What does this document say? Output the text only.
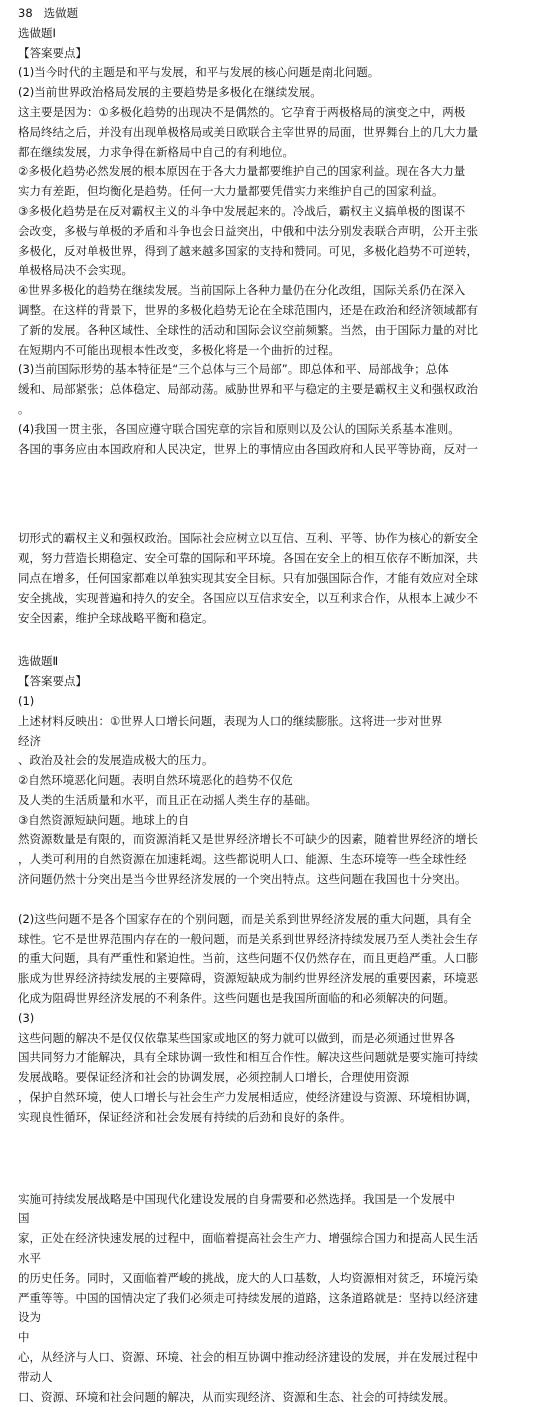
38 选做题
选做题Ⅰ
【答案要点】
(1)当今时代的主题是和平与发展，和平与发展的核心问题是南北问题。
(2)当前世界政治格局发展的主要趋势是多极化在继续发展。
这主要是因为：①多极化趋势的出现决不是偶然的。它孕育于两极格局的演变之中，两极
格局终结之后，并没有出现单极格局或美日欧联合主宰世界的局面，世界舞台上的几大力量
都在继续发展，力求争得在新格局中自己的有利地位。
②多极化趋势必然发展的根本原因在于各大力量都要维护自己的国家利益。现在各大力量
实力有差距，但均衡化是趋势。任何一大力量都要凭借实力来维护自己的国家利益。
③多极化趋势是在反对霸权主义的斗争中发展起来的。冷战后，霸权主义搞单极的图谋不
会改变，多极与单极的矛盾和斗争也会日益突出，中俄和中法分别发表联合声明，公开主张
多极化，反对单极世界，得到了越来越多国家的支持和赞同。可见，多极化趋势不可逆转，
单极格局决不会实现。
④世界多极化的趋势在继续发展。当前国际上各种力量仍在分化改组，国际关系仍在深入
调整。在这样的背景下，世界的多极化趋势无论在全球范围内，还是在政治和经济领域都有
了新的发展。各种区域性、全球性的活动和国际会议空前频繁。当然，由于国际力量的对比
在短期内不可能出现根本性改变，多极化将是一个曲折的过程。
(3)当前国际形势的基本特征是“三个总体与三个局部”。即总体和平、局部战争；总体
缓和、局部紧张；总体稳定、局部动荡。威胁世界和平与稳定的主要是霸权主义和强权政治
。
(4)我国一贯主张，各国应遵守联合国宪章的宗旨和原则以及公认的国际关系基本准则。
各国的事务应由本国政府和人民决定，世界上的事情应由各国政府和人民平等协商，反对一
切形式的霸权主义和强权政治。国际社会应树立以互信、互利、平等、协作为核心的新安全
观，努力营造长期稳定、安全可靠的国际和平环境。各国在安全上的相互依存不断加深，共
同点在增多，任何国家都难以单独实现其安全目标。只有加强国际合作，才能有效应对全球
安全挑战，实现普遍和持久的安全。各国应以互信求安全，以互利求合作，从根本上减少不
安全因素，维护全球战略平衡和稳定。
选做题Ⅱ
【答案要点】
(1)
上述材料反映出：①世界人口增长问题，表现为人口的继续膨胀。这将进一步对世界
经济
、政治及社会的发展造成极大的压力。
②自然环境恶化问题。表明自然环境恶化的趋势不仅危
及人类的生活质量和水平，而且正在动摇人类生存的基础。
③自然资源短缺问题。地球上的自
然资源数量是有限的，而资源消耗又是世界经济增长不可缺少的因素，随着世界经济的增长
，人类可利用的自然资源在加速耗竭。这些都说明人口、能源、生态环境等一些全球性经
济问题仍然十分突出是当今世界经济发展的一个突出特点。这些问题在我国也十分突出。
(2)这些问题不是各个国家存在的个别问题，而是关系到世界经济发展的重大问题，具有全
球性。它不是世界范围内存在的一般问题，而是关系到世界经济持续发展乃至人类社会生存
的重大问题，具有严重性和紧迫性。当前，这些问题不仅仍然存在，而且更趋严重。人口膨
胀成为世界经济持续发展的主要障碍，资源短缺成为制约世界经济发展的重要因素，环境恶
化成为阻碍世界经济发展的不利条件。这些问题也是我国所面临的和必须解决的问题。
(3)
这些问题的解决不是仅仅依靠某些国家或地区的努力就可以做到，而是必须通过世界各
国共同努力才能解决，具有全球协调一致性和相互合作性。解决这些问题就是要实施可持续
发展战略。要保证经济和社会的协调发展，必须控制人口增长，合理使用资源
，保护自然环境，使人口增长与社会生产力发展相适应，使经济建设与资源、环境相协调，
实现良性循环，保证经济和社会发展有持续的后劲和良好的条件。
实施可持续发展战略是中国现代化建设发展的自身需要和必然选择。我国是一个发展中
国
家，正处在经济快速发展的过程中，面临着提高社会生产力、增强综合国力和提高人民生活
水平
的历史任务。同时，又面临着严峻的挑战，庞大的人口基数，人均资源相对贫乏，环境污染
严重等等。中国的国情决定了我们必须走可持续发展的道路，这条道路就是：坚持以经济建
设为
中
心，从经济与人口、资源、环境、社会的相互协调中推动经济建设的发展，并在发展过程中
带动人
口、资源、环境和社会问题的解决，从而实现经济、资源和生态、社会的可持续发展。
